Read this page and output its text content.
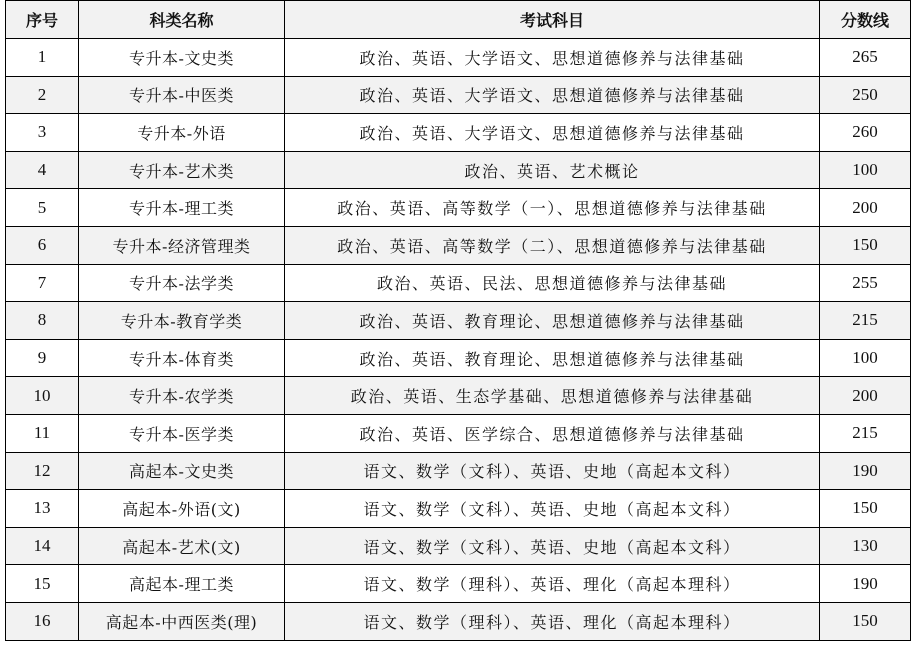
序号	科类名称	考试科目	分数线
1	专升本-文史类	政治、英语、大学语文、思想道德修养与法律基础	265
2	专升本-中医类	政治、英语、大学语文、思想道德修养与法律基础	250
3	专升本-外语	政治、英语、大学语文、思想道德修养与法律基础	260
4	专升本-艺术类	政治、英语、艺术概论	100
5	专升本-理工类	政治、英语、高等数学（一）、思想道德修养与法律基础	200
6	专升本-经济管理类	政治、英语、高等数学（二）、思想道德修养与法律基础	150
7	专升本-法学类	政治、英语、民法、思想道德修养与法律基础	255
8	专升本-教育学类	政治、英语、教育理论、思想道德修养与法律基础	215
9	专升本-体育类	政治、英语、教育理论、思想道德修养与法律基础	100
10	专升本-农学类	政治、英语、生态学基础、思想道德修养与法律基础	200
11	专升本-医学类	政治、英语、医学综合、思想道德修养与法律基础	215
12	高起本-文史类	语文、数学（文科）、英语、史地（高起本文科）	190
13	高起本-外语(文)	语文、数学（文科）、英语、史地（高起本文科）	150
14	高起本-艺术(文)	语文、数学（文科）、英语、史地（高起本文科）	130
15	高起本-理工类	语文、数学（理科）、英语、理化（高起本理科）	190
16	高起本-中西医类(理)	语文、数学（理科）、英语、理化（高起本理科）	150
